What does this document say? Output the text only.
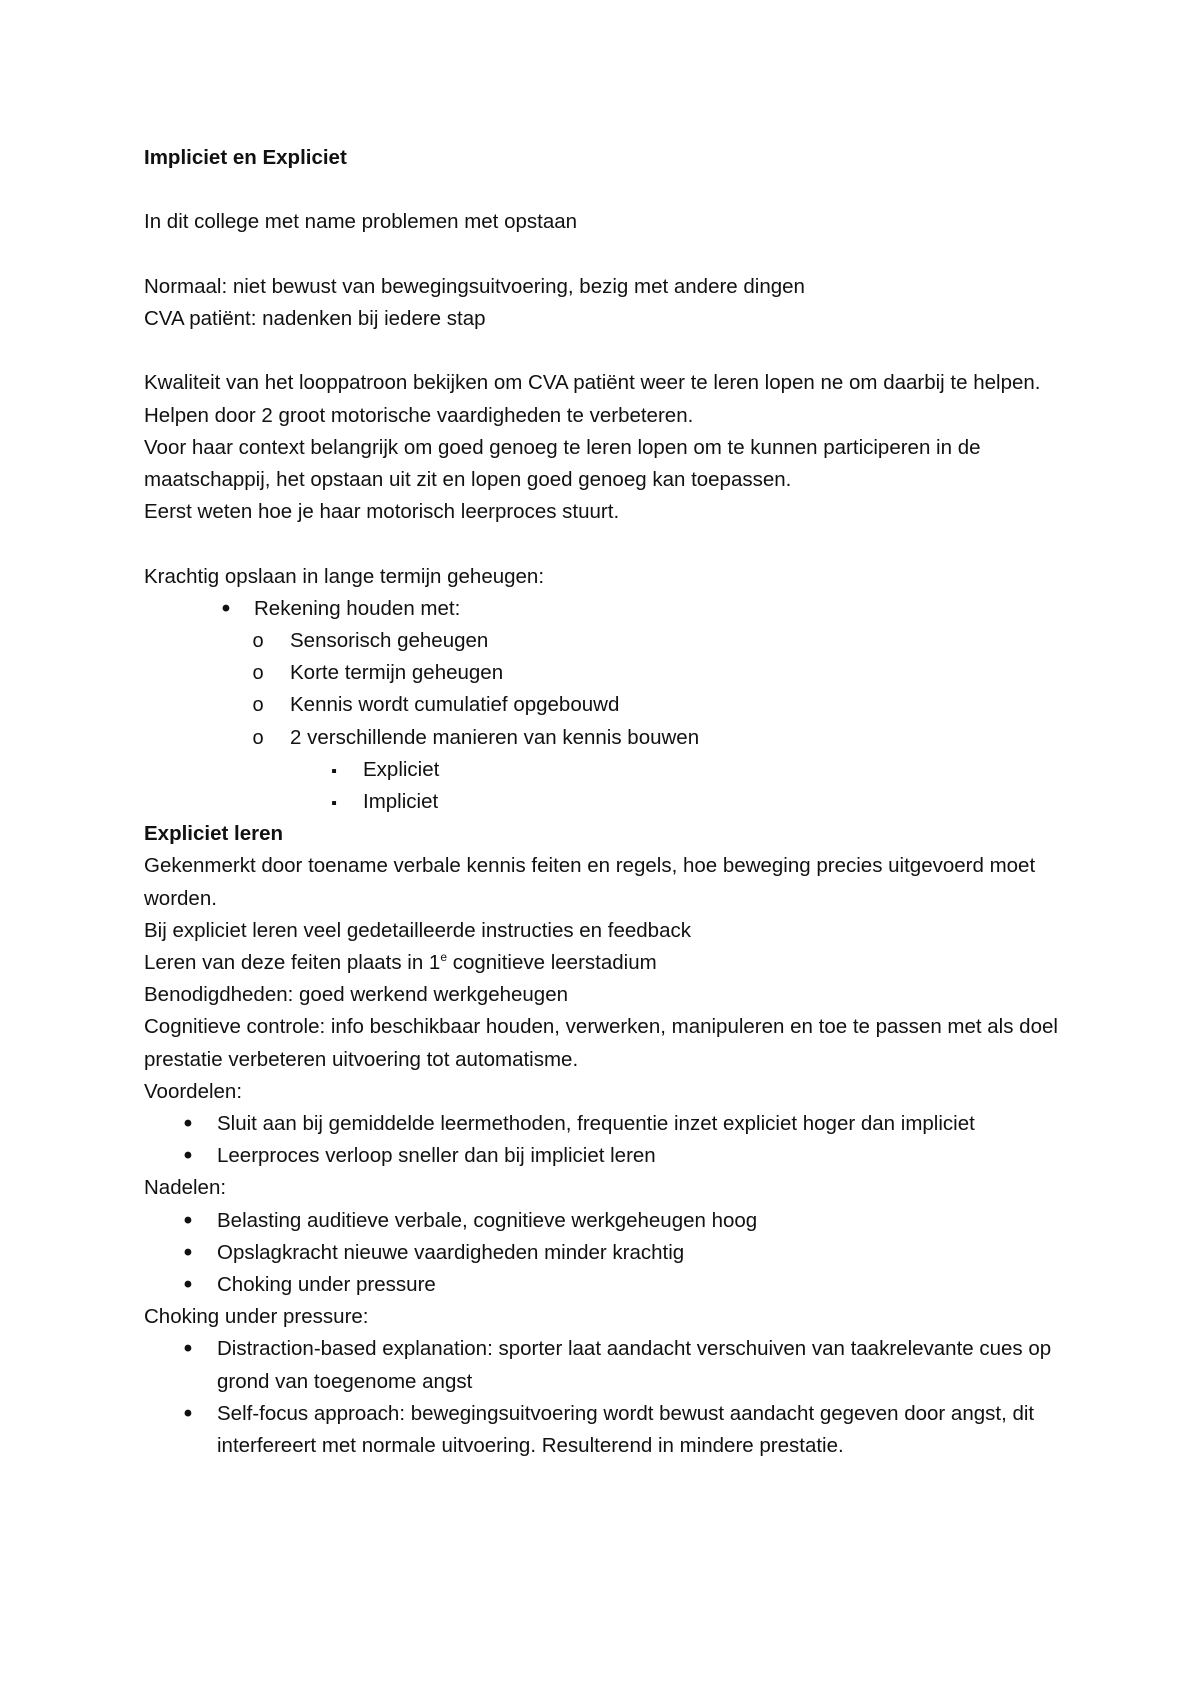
Impliciet en Expliciet

In dit college met name problemen met opstaan

Normaal: niet bewust van bewegingsuitvoering, bezig met andere dingen

CVA patiënt: nadenken bij iedere stap

Kwaliteit van het looppatroon bekijken om CVA patiënt weer te leren lopen ne om daarbij te helpen.

Helpen door 2 groot motorische vaardigheden te verbeteren.

Voor haar context belangrijk om goed genoeg te leren lopen om te kunnen participeren in de maatschappij, het opstaan uit zit en lopen goed genoeg kan toepassen.

Eerst weten hoe je haar motorisch leerproces stuurt.

Krachtig opslaan in lange termijn geheugen:

•
Rekening houden met:
o
Sensorisch geheugen
o
Korte termijn geheugen
o
Kennis wordt cumulatief opgebouwd
o
2 verschillende manieren van kennis bouwen
▪
Expliciet
▪
Impliciet

Expliciet leren

Gekenmerkt door toename verbale kennis feiten en regels, hoe beweging precies uitgevoerd moet worden.

Bij expliciet leren veel gedetailleerde instructies en feedback

Leren van deze feiten plaats in 1e cognitieve leerstadium

Benodigdheden: goed werkend werkgeheugen

Cognitieve controle: info beschikbaar houden, verwerken, manipuleren en toe te passen met als doel prestatie verbeteren uitvoering tot automatisme.

Voordelen:

•
Sluit aan bij gemiddelde leermethoden, frequentie inzet expliciet hoger dan impliciet
•
Leerproces verloop sneller dan bij impliciet leren

Nadelen:

•
Belasting auditieve verbale, cognitieve werkgeheugen hoog
•
Opslagkracht nieuwe vaardigheden minder krachtig
•
Choking under pressure

Choking under pressure:

•
Distraction-based explanation: sporter laat aandacht verschuiven van taakrelevante cues op grond van toegenome angst
•
Self-focus approach: bewegingsuitvoering wordt bewust aandacht gegeven door angst, dit interfereert met normale uitvoering. Resulterend in mindere prestatie.
